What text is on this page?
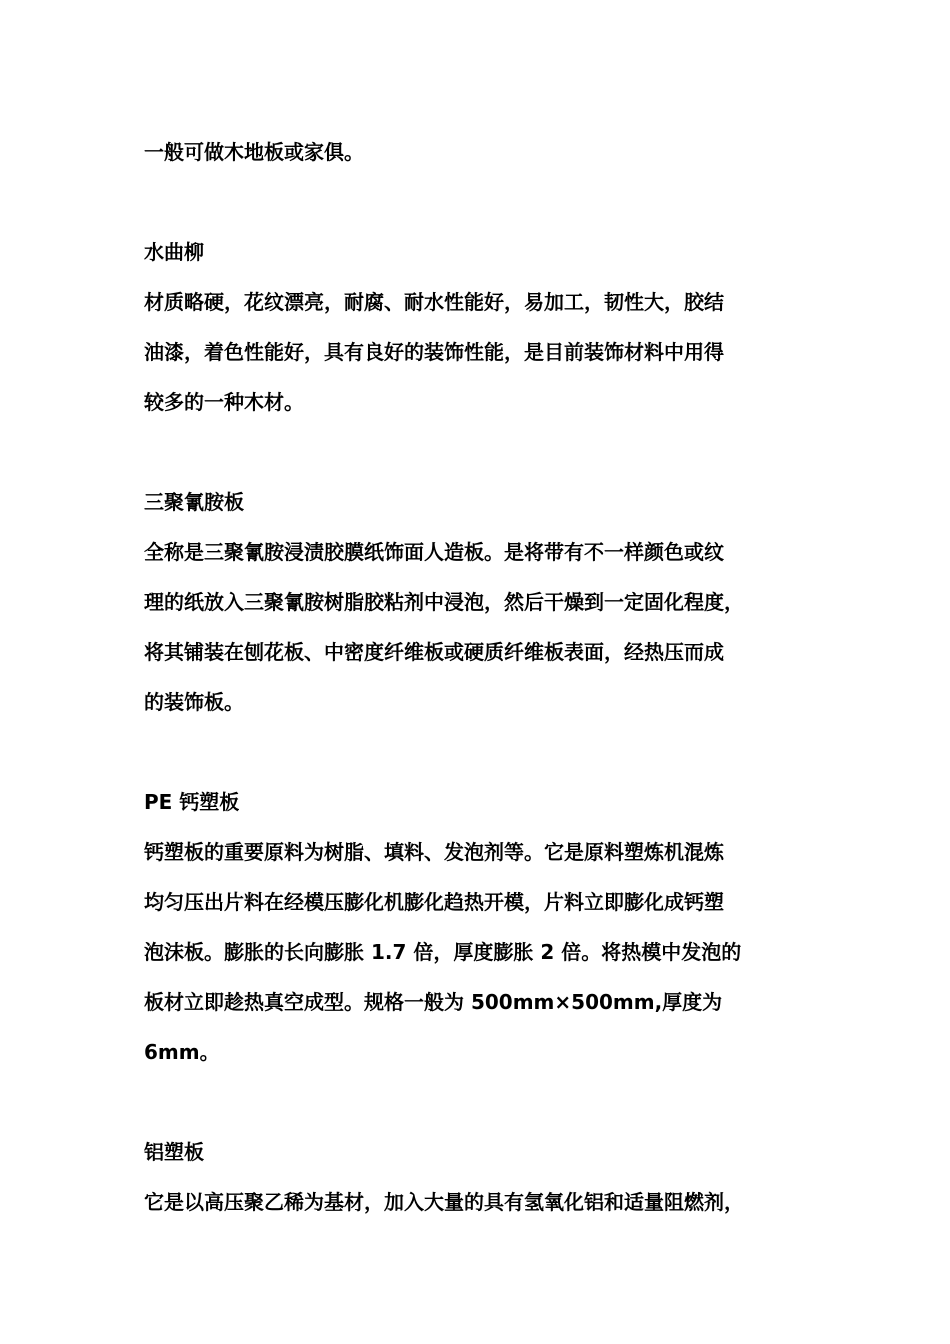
一般可做木地板或家俱。
水曲柳
材质略硬，花纹漂亮，耐腐、耐水性能好，易加工，韧性大，胶结
油漆，着色性能好，具有良好的装饰性能，是目前装饰材料中用得
较多的一种木材。
三聚氰胺板
全称是三聚氰胺浸渍胶膜纸饰面人造板。是将带有不一样颜色或纹
理的纸放入三聚氰胺树脂胶粘剂中浸泡，然后干燥到一定固化程度，
将其铺装在刨花板、中密度纤维板或硬质纤维板表面，经热压而成
的装饰板。
PE 钙塑板
钙塑板的重要原料为树脂、填料、发泡剂等。它是原料塑炼机混炼
均匀压出片料在经模压膨化机膨化趋热开模，片料立即膨化成钙塑
泡沫板。膨胀的长向膨胀 1.7 倍，厚度膨胀 2 倍。将热模中发泡的
板材立即趁热真空成型。规格一般为 500mm×500mm,厚度为
6mm。
铝塑板
它是以高压聚乙稀为基材，加入大量的具有氢氧化铝和适量阻燃剂，
